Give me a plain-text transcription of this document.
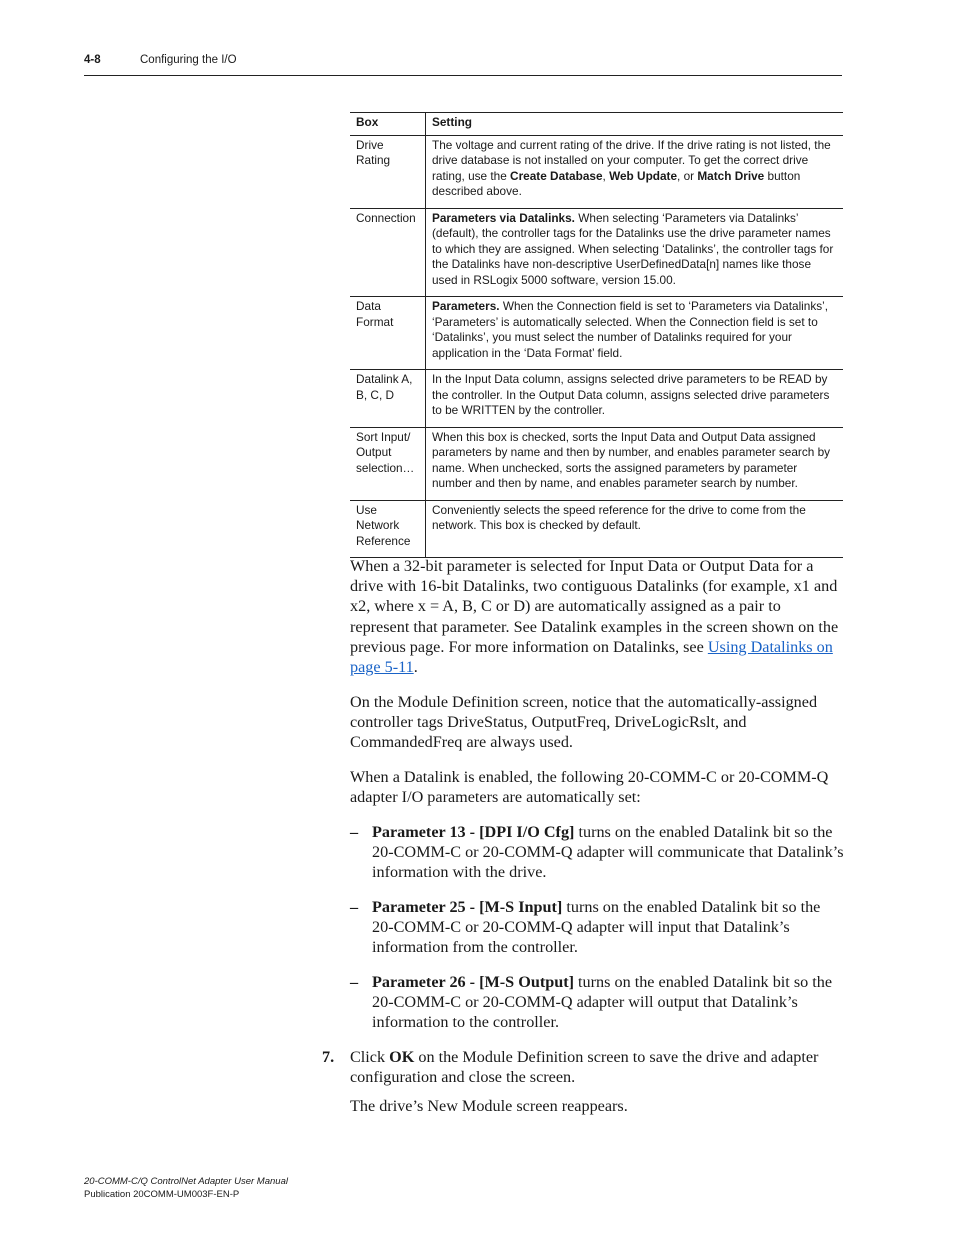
4-8	Configuring the I/O
Box	Setting
Drive Rating	The voltage and current rating of the drive. If the drive rating is not listed, the drive database is not installed on your computer. To get the correct drive rating, use the Create Database, Web Update, or Match Drive button described above.
Connection	Parameters via Datalinks. When selecting ‘Parameters via Datalinks’ (default), the controller tags for the Datalinks use the drive parameter names to which they are assigned. When selecting ‘Datalinks’, the controller tags for the Datalinks have non-descriptive UserDefinedData[n] names like those used in RSLogix 5000 software, version 15.00.
Data Format	Parameters. When the Connection field is set to ‘Parameters via Datalinks’, ‘Parameters’ is automatically selected. When the Connection field is set to ‘Datalinks’, you must select the number of Datalinks required for your application in the ‘Data Format’ field.
Datalink A, B, C, D	In the Input Data column, assigns selected drive parameters to be READ by the controller. In the Output Data column, assigns selected drive parameters to be WRITTEN by the controller.
Sort Input/ Output selection…	When this box is checked, sorts the Input Data and Output Data assigned parameters by name and then by number, and enables parameter search by name. When unchecked, sorts the assigned parameters by parameter number and then by name, and enables parameter search by number.
Use Network Reference	Conveniently selects the speed reference for the drive to come from the network. This box is checked by default.

When a 32-bit parameter is selected for Input Data or Output Data for a drive with 16-bit Datalinks, two contiguous Datalinks (for example, x1 and x2, where x = A, B, C or D) are automatically assigned as a pair to represent that parameter. See Datalink examples in the screen shown on the previous page. For more information on Datalinks, see Using Datalinks on page 5-11.

On the Module Definition screen, notice that the automatically-assigned controller tags DriveStatus, OutputFreq, DriveLogicRslt, and CommandedFreq are always used.

When a Datalink is enabled, the following 20-COMM-C or 20-COMM-Q adapter I/O parameters are automatically set:

– Parameter 13 - [DPI I/O Cfg] turns on the enabled Datalink bit so the 20-COMM-C or 20-COMM-Q adapter will communicate that Datalink’s information with the drive.
– Parameter 25 - [M-S Input] turns on the enabled Datalink bit so the 20-COMM-C or 20-COMM-Q adapter will input that Datalink’s information from the controller.
– Parameter 26 - [M-S Output] turns on the enabled Datalink bit so the 20-COMM-C or 20-COMM-Q adapter will output that Datalink’s information to the controller.
7. Click OK on the Module Definition screen to save the drive and adapter configuration and close the screen.

The drive’s New Module screen reappears.

20-COMM-C/Q ControlNet Adapter User Manual
Publication 20COMM-UM003F-EN-P
